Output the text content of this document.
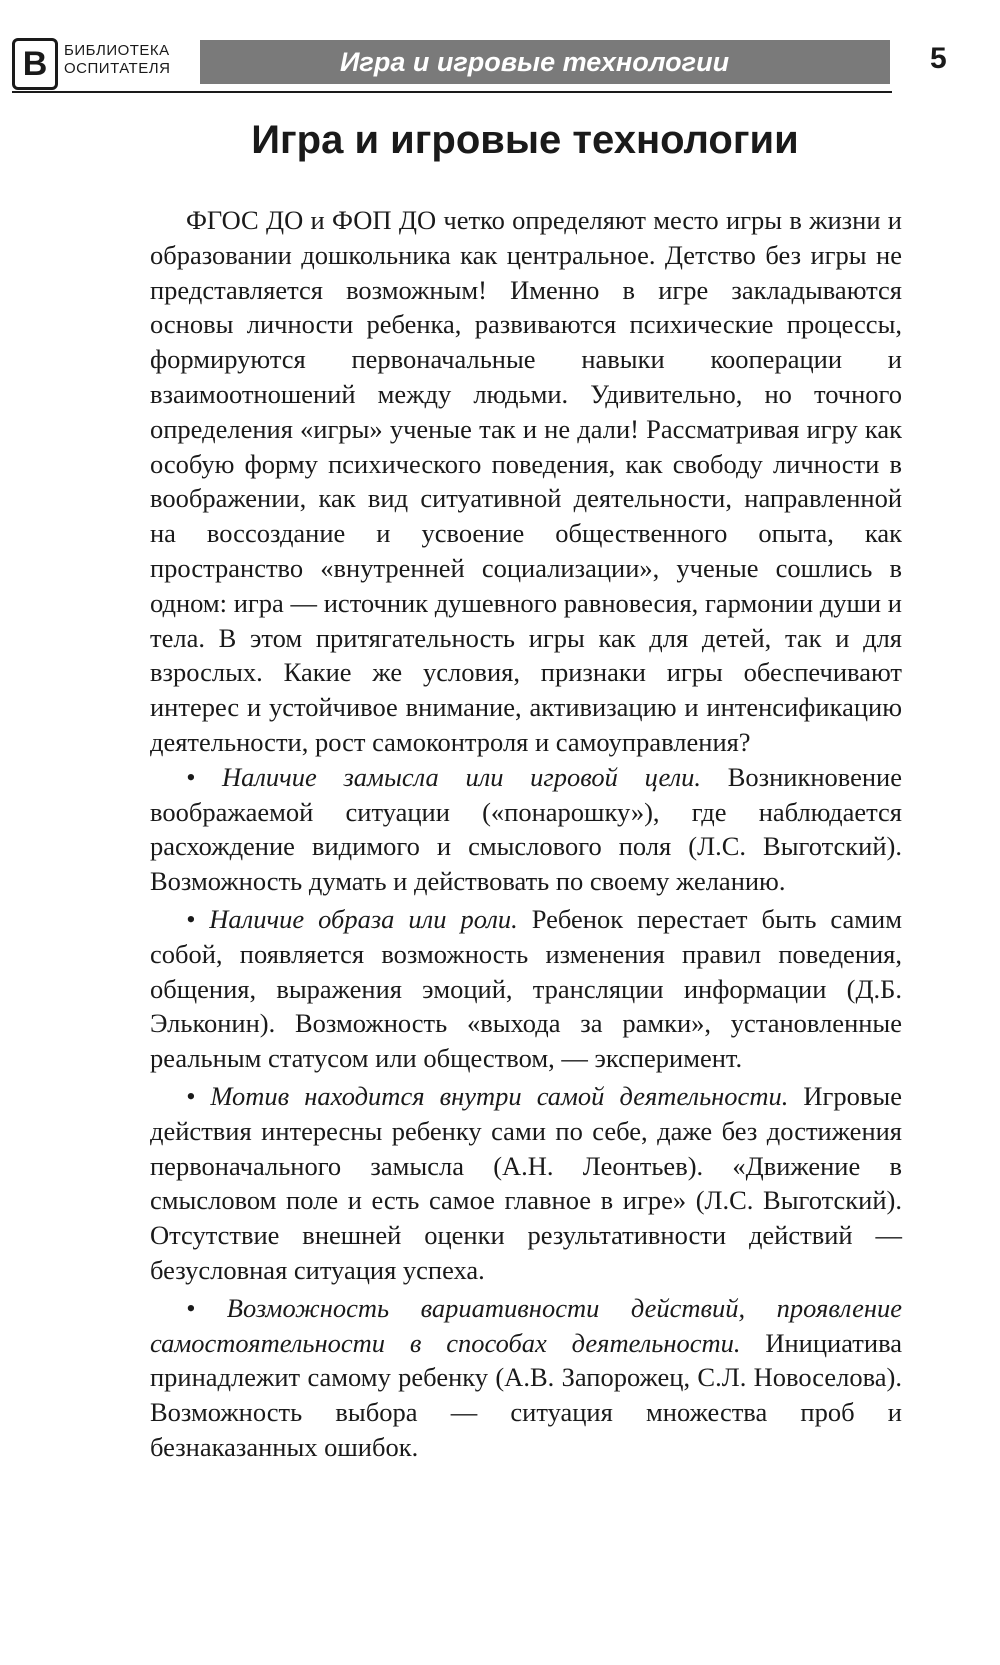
В БИБЛИОТЕКА
ОСПИТАТЕЛЯ	Игра и игровые технологии	5
Игра и игровые технологии

ФГОС ДО и ФОП ДО четко определяют место игры в жизни и образовании дошкольника как центральное. Детство без игры не представляется возможным! Именно в игре закладываются основы личности ребенка, развиваются психические процессы, формируются первоначальные навыки кооперации и взаимоотношений между людьми. Удивительно, но точного определения «игры» ученые так и не дали! Рассматривая игру как особую форму психического поведения, как свободу личности в воображении, как вид ситуативной деятельности, направленной на воссоздание и усвоение общественного опыта, как пространство «внутренней социализации», ученые сошлись в одном: игра — источник душевного равновесия, гармонии души и тела. В этом притягательность игры как для детей, так и для взрослых. Какие же условия, признаки игры обеспечивают интерес и устойчивое внимание, активизацию и интенсификацию деятельности, рост самоконтроля и самоуправления?

• Наличие замысла или игровой цели. Возникновение воображаемой ситуации («понарошку»), где наблюдается расхождение видимого и смыслового поля (Л.С. Выготский). Возможность думать и действовать по своему желанию.

• Наличие образа или роли. Ребенок перестает быть самим собой, появляется возможность изменения правил поведения, общения, выражения эмоций, трансляции информации (Д.Б. Эльконин). Возможность «выхода за рамки», установленные реальным статусом или обществом, — эксперимент.

• Мотив находится внутри самой деятельности. Игровые действия интересны ребенку сами по себе, даже без достижения первоначального замысла (А.Н. Леонтьев). «Движение в смысловом поле и есть самое главное в игре» (Л.С. Выготский). Отсутствие внешней оценки результативности действий — безусловная ситуация успеха.

• Возможность вариативности действий, проявление самостоятельности в способах деятельности. Инициатива принадлежит самому ребенку (А.В. Запорожец, С.Л. Новоселова). Возможность выбора — ситуация множества проб и безнаказанных ошибок.
